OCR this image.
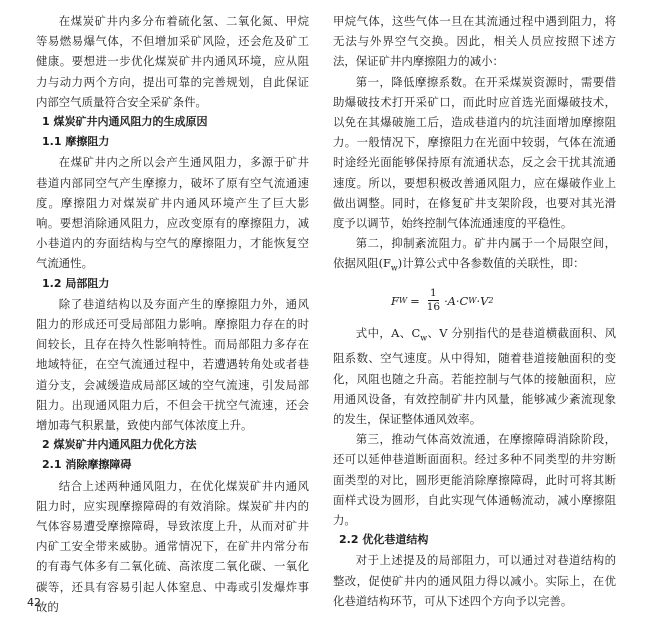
在煤炭矿井内多分布着硫化氢、二氧化氮、甲烷等易燃易爆气体，不但增加采矿风险，还会危及矿工健康。要想进一步优化煤炭矿井内通风环境，应从阻力与动力两个方向，提出可靠的完善规划，自此保证内部空气质量符合安全采矿条件。

1 煤炭矿井内通风阻力的生成原因

1.1 摩擦阻力

在煤矿井内之所以会产生通风阻力，多源于矿井巷道内部同空气产生摩擦力，破坏了原有空气流通速度。摩擦阻力对煤炭矿井内通风环境产生了巨大影响。要想消除通风阻力，应改变原有的摩擦阻力，减小巷道内的夯面结构与空气的摩擦阻力，才能恢复空气流通性。

1.2 局部阻力

除了巷道结构以及夯面产生的摩擦阻力外，通风阻力的形成还可受局部阻力影响。摩擦阻力存在的时间较长，且存在持久性影响特性。而局部阻力多存在地域特征，在空气流通过程中，若遭遇转角处或者巷道分支，会减缓造成局部区域的空气流速，引发局部阻力。出现通风阻力后，不但会干扰空气流速，还会增加毒气积累量，致使内部气体浓度上升。

2 煤炭矿井内通风阻力优化方法

2.1 消除摩擦障碍

结合上述两种通风阻力，在优化煤炭矿井内通风阻力时，应实现摩擦障碍的有效消除。煤炭矿井内的气体容易遭受摩擦障碍，导致浓度上升，从而对矿井内矿工安全带来威胁。通常情况下，在矿井内常分布的有毒气体多有二氧化硫、高浓度二氧化碳、一氧化碳等，还具有容易引起人体窒息、中毒或引发爆炸事故的

甲烷气体，这些气体一旦在其流通过程中遇到阻力，将无法与外界空气交换。因此，相关人员应按照下述方法，保证矿井内摩擦阻力的减小：

第一，降低摩擦系数。在开采煤炭资源时，需要借助爆破技术打开采矿口，而此时应首选光面爆破技术，以免在其爆破施工后，造成巷道内的坑洼面增加摩擦阻力。一般情况下，摩擦阻力在光面中较弱，气体在流通时途经光面能够保持原有流通状态，反之会干扰其流通速度。所以，要想积极改善通风阻力，应在爆破作业上做出调整。同时，在修复矿井支架阶段，也要对其光滑度予以调节，始终控制气体流通速度的平稳性。

第二，抑制紊流阻力。矿井内属于一个局限空间，依据风阻$(F_w)$计算公式中各参数值的关联性，即：

F $W = \frac{1}{16} \cdot A\cdot C$ W ·V 2

式中，A、$C_w$、V 分别指代的是巷道横截面积、风阻系数、空气速度。从中得知，随着巷道接触面积的变化，风阻也随之升高。若能控制与气体的接触面积，应用通风设备，有效控制矿井内风量，能够减少紊流现象的发生，保证整体通风效率。

第三，推动气体高效流通，在摩擦障碍消除阶段，还可以延伸巷道断面面积。经过多种不同类型的井穷断面类型的对比，圆形更能消除摩擦障碍，此时可将其断面样式设为圆形，自此实现气体通畅流动，减小摩擦阻力。

2.2 优化巷道结构

对于上述提及的局部阻力，可以通过对巷道结构的整改，促使矿井内的通风阻力得以减小。实际上，在优化巷道结构环节，可从下述四个方向予以完善。

42
